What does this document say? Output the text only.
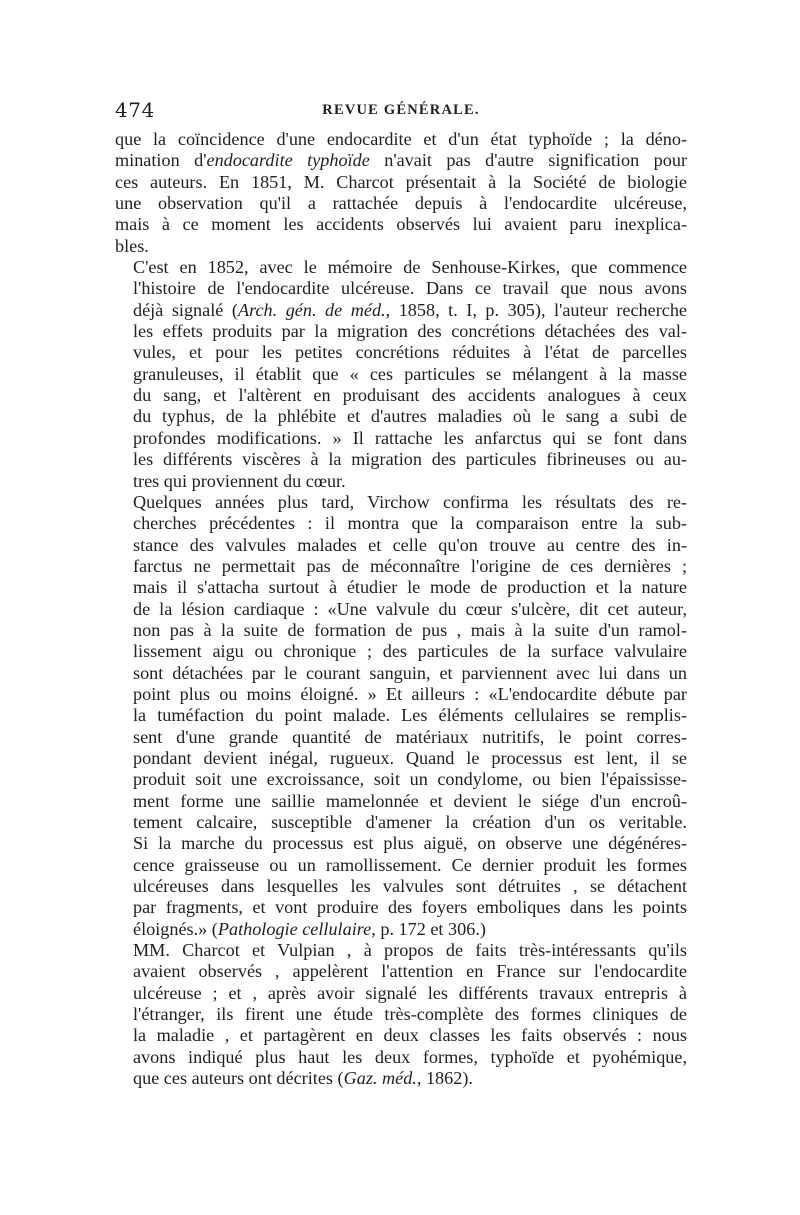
474	REVUE GÉNÉRALE.
que la coïncidence d'une endocardite et d'un état typhoïde ; la déno-
mination d'endocardite typhoïde n'avait pas d'autre signification pour
ces auteurs. En 1851, M. Charcot présentait à la Société de biologie
une observation qu'il a rattachée depuis à l'endocardite ulcéreuse,
mais à ce moment les accidents observés lui avaient paru inexplica-
bles.
C'est en 1852, avec le mémoire de Senhouse-Kirkes, que commence
l'histoire de l'endocardite ulcéreuse. Dans ce travail que nous avons
déjà signalé (Arch. gén. de méd., 1858, t. I, p. 305), l'auteur recherche
les effets produits par la migration des concrétions détachées des val-
vules, et pour les petites concrétions réduites à l'état de parcelles
granuleuses, il établit que « ces particules se mélangent à la masse
du sang, et l'altèrent en produisant des accidents analogues à ceux
du typhus, de la phlébite et d'autres maladies où le sang a subi de
profondes modifications. » Il rattache les anfarctus qui se font dans
les différents viscères à la migration des particules fibrineuses ou au-
tres qui proviennent du cœur.
Quelques années plus tard, Virchow confirma les résultats des re-
cherches précédentes : il montra que la comparaison entre la sub-
stance des valvules malades et celle qu'on trouve au centre des in-
farctus ne permettait pas de méconnaître l'origine de ces dernières ;
mais il s'attacha surtout à étudier le mode de production et la nature
de la lésion cardiaque : «Une valvule du cœur s'ulcère, dit cet auteur,
non pas à la suite de formation de pus , mais à la suite d'un ramol-
lissement aigu ou chronique ; des particules de la surface valvulaire
sont détachées par le courant sanguin, et parviennent avec lui dans un
point plus ou moins éloigné. » Et ailleurs : «L'endocardite débute par
la tuméfaction du point malade. Les éléments cellulaires se remplis-
sent d'une grande quantité de matériaux nutritifs, le point corres-
pondant devient inégal, rugueux. Quand le processus est lent, il se
produit soit une excroissance, soit un condylome, ou bien l'épaississe-
ment forme une saillie mamelonnée et devient le siége d'un encroû-
tement calcaire, susceptible d'amener la création d'un os veritable.
Si la marche du processus est plus aiguë, on observe une dégénéres-
cence graisseuse ou un ramollissement. Ce dernier produit les formes
ulcéreuses dans lesquelles les valvules sont détruites , se détachent
par fragments, et vont produire des foyers emboliques dans les points
éloignés.» (Pathologie cellulaire, p. 172 et 306.)
MM. Charcot et Vulpian , à propos de faits très-intéressants qu'ils
avaient observés , appelèrent l'attention en France sur l'endocardite
ulcéreuse ; et , après avoir signalé les différents travaux entrepris à
l'étranger, ils firent une étude très-complète des formes cliniques de
la maladie , et partagèrent en deux classes les faits observés : nous
avons indiqué plus haut les deux formes, typhoïde et pyohémique,
que ces auteurs ont décrites (Gaz. méd., 1862).
